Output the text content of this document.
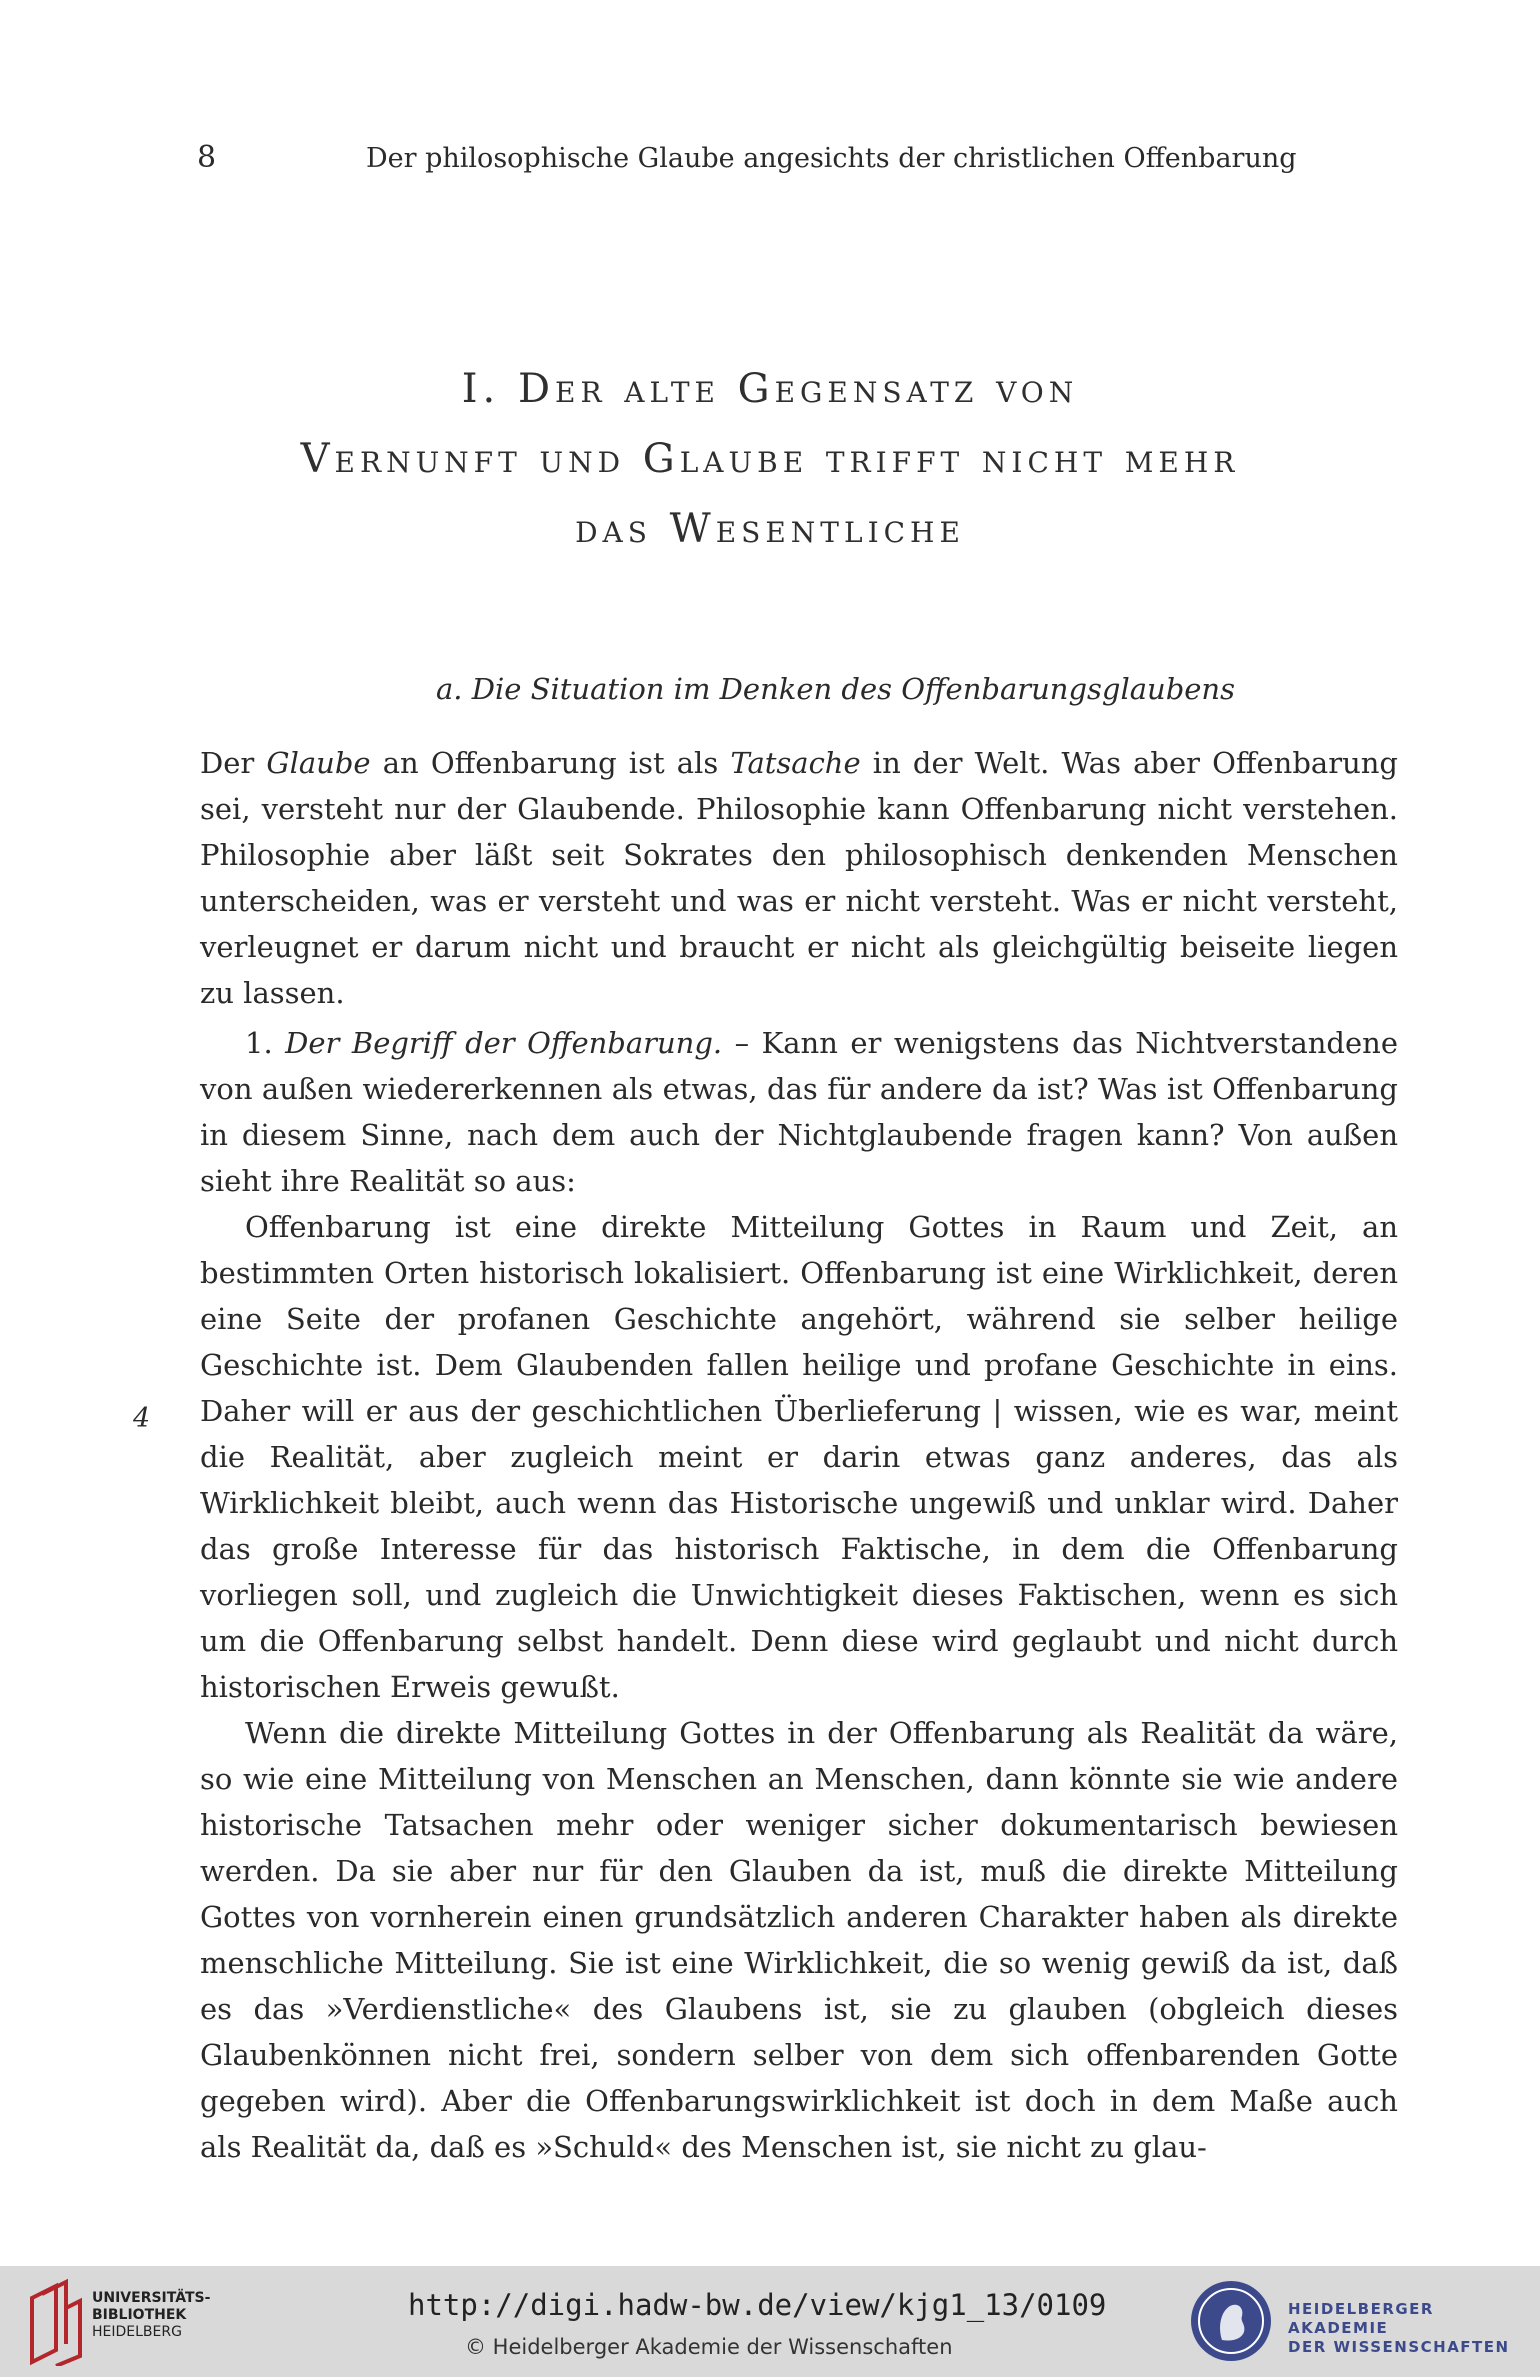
8	Der philosophische Glaube angesichts der christlichen Offenbarung
I. Der alte Gegensatz von
Vernunft und Glaube trifft nicht mehr
das Wesentliche
a. Die Situation im Denken des Offenbarungsglaubens

Der Glaube an Offenbarung ist als Tatsache in der Welt. Was aber Offenbarung sei, versteht nur der Glaubende. Philosophie kann Offenbarung nicht verstehen. Philosophie aber läßt seit Sokrates den philosophisch denkenden Menschen unterscheiden, was er versteht und was er nicht versteht. Was er nicht versteht, verleugnet er darum nicht und braucht er nicht als gleichgültig beiseite liegen zu lassen.

1. Der Begriff der Offenbarung. – Kann er wenigstens das Nichtverstandene von außen wiedererkennen als etwas, das für andere da ist? Was ist Offenbarung in diesem Sinne, nach dem auch der Nichtglaubende fragen kann? Von außen sieht ihre Realität so aus:

Offenbarung ist eine direkte Mitteilung Gottes in Raum und Zeit, an bestimmten Orten historisch lokalisiert. Offenbarung ist eine Wirklichkeit, deren eine Seite der profanen Geschichte angehört, während sie selber heilige Geschichte ist. Dem Glaubenden fallen heilige und profane Geschichte in eins. Daher will er aus der geschichtlichen Überlieferung | wissen, wie es war, meint die Realität, aber zugleich meint er darin etwas ganz anderes, das als Wirklichkeit bleibt, auch wenn das Historische ungewiß und unklar wird. Daher das große Interesse für das historisch Faktische, in dem die Offenbarung vorliegen soll, und zugleich die Unwichtigkeit dieses Faktischen, wenn es sich um die Offenbarung selbst handelt. Denn diese wird geglaubt und nicht durch historischen Erweis gewußt.

Wenn die direkte Mitteilung Gottes in der Offenbarung als Realität da wäre, so wie eine Mitteilung von Menschen an Menschen, dann könnte sie wie andere historische Tatsachen mehr oder weniger sicher dokumentarisch bewiesen werden. Da sie aber nur für den Glauben da ist, muß die direkte Mitteilung Gottes von vornherein einen grundsätzlich anderen Charakter haben als direkte menschliche Mitteilung. Sie ist eine Wirklichkeit, die so wenig gewiß da ist, daß es das »Verdienstliche« des Glaubens ist, sie zu glauben (obgleich dieses Glaubenkönnen nicht frei, sondern selber von dem sich offenbarenden Gotte gegeben wird). Aber die Offenbarungswirklichkeit ist doch in dem Maße auch als Realität da, daß es »Schuld« des Menschen ist, sie nicht zu glau-

4
UNIVERSITÄTS-
BIBLIOTHEK
HEIDELBERG
http://digi.hadw-bw.de/view/kjg1_13/0109
© Heidelberger Akademie der Wissenschaften
HEIDELBERGER AKADEMIE
DER WISSENSCHAFTEN
